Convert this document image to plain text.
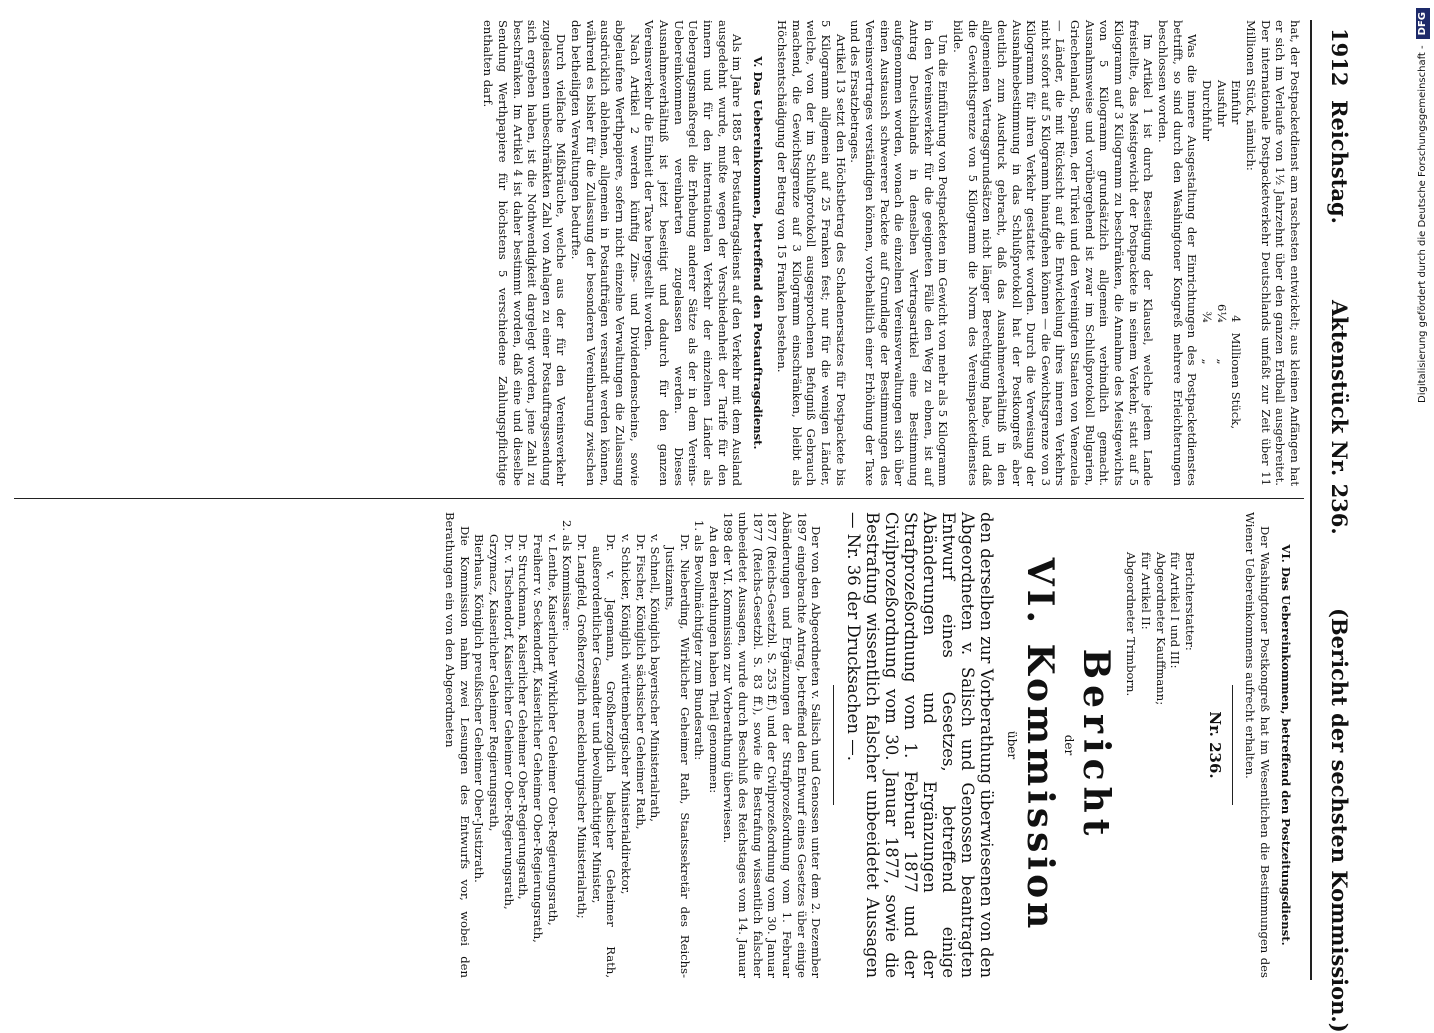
1912
Reichstag.
Aktenstück Nr. 236.
(Bericht der sechsten Kommission.)

hat, der Postpacketdienst am raschesten entwickelt; aus kleinen Anfängen hat er sich im Verlaufe von 1½ Jahrzehnt über den ganzen Erdball ausgebreitet. Der internationale Postpacketverkehr Deutschlands umfaßt zur Zeit über 11 Millionen Stück, nämlich:

Einfuhr	4	Millionen Stück,
Ausfuhr	6¼	„
Durchfuhr	¾	„

Was die innere Ausgestaltung der Einrichtungen des Postpacketdienstes betrifft, so sind durch den Washingtoner Kongreß mehrere Erleichterungen beschlossen worden.

Im Artikel 1 ist durch Beseitigung der Klausel, welche jedem Lande freistellte, das Meistgewicht der Postpackete in seinem Verkehr, statt auf 5 Kilogramm auf 3 Kilogramm zu beschränken, die Annahme des Meistgewichts von 5 Kilogramm grundsätzlich allgemein verbindlich gemacht. Ausnahmsweise und vorübergehend ist zwar im Schlußprotokoll Bulgarien, Griechenland, Spanien, der Türkei und den Vereinigten Staaten von Venezuela — Länder, die mit Rücksicht auf die Entwickelung ihres inneren Verkehrs nicht sofort auf 5 Kilogramm hinaufgehen können — die Gewichtsgrenze von 3 Kilogramm für ihren Verkehr gestattet worden. Durch die Verweisung der Ausnahmebestimmung in das Schlußprotokoll hat der Postkongreß aber deutlich zum Ausdruck gebracht, daß das Ausnahmeverhältniß in den allgemeinen Vertragsgrundsätzen nicht länger Berechtigung habe, und daß die Gewichtsgrenze von 5 Kilogramm die Norm des Vereinspacketdienstes bilde.

Um die Einführung von Postpacketen im Gewicht von mehr als 5 Kilogramm in den Vereinsverkehr für die geeigneten Fälle den Weg zu ebnen, ist auf Antrag Deutschlands in denselben Vertragsartikel eine Bestimmung aufgenommen worden, wonach die einzelnen Vereinsverwaltungen sich über einen Austausch schwererer Packete auf Grundlage der Bestimmungen des Vereinsvertrages verständigen können, vorbehaltlich einer Erhöhung der Taxe und des Ersatzbetrages.

Artikel 13 setzt den Höchstbetrag des Schadenersatzes für Postpackete bis 5 Kilogramm allgemein auf 25 Franken fest; nur für die wenigen Länder, welche, von der im Schlußprotokoll ausgesprochenen Befugniß Gebrauch machend, die Gewichtsgrenze auf 3 Kilogramm einschränken, bleibt als Höchstentschädigung der Betrag von 15 Franken bestehen.

V. Das Uebereinkommen, betreffend den Postauftragsdienst.

Als im Jahre 1885 der Postauftragsdienst auf den Verkehr mit dem Ausland ausgedehnt wurde, mußte wegen der Verschiedenheit der Tarife für den innern und für den internationalen Verkehr der einzelnen Länder als Uebergangsmaßregel die Erhebung anderer Sätze als der in dem Vereins-Uebereinkommen vereinbarten zugelassen werden. Dieses Ausnahmeverhältniß ist jetzt beseitigt und dadurch für den ganzen Vereinsverkehr die Einheit der Taxe hergestellt worden.

Nach Artikel 2 werden künftig Zins- und Dividendenscheine, sowie abgelaufene Werthpapiere, sofern nicht einzelne Verwaltungen die Zulassung ausdrücklich ablehnen, allgemein in Postaufträgen versandt werden können, während es bisher für die Zulassung der besonderen Vereinbarung zwischen den betheiligten Verwaltungen bedurfte.

Durch vielfache Mißbräuche, welche aus der für den Vereinsverkehr zugelassenen unbeschränkten Zahl von Anlagen zu einer Postauftragssendung sich ergeben haben, ist die Nothwendigkeit dargelegt worden, jene Zahl zu beschränken. Im Artikel 4 ist daher bestimmt worden, daß eine und dieselbe Sendung Werthpapiere für höchstens 5 verschiedene Zahlungspflichtige enthalten darf.

VI. Das Uebereinkommen, betreffend den Postzeitungsdienst.

Der Washingtoner Postkongreß hat im Wesentlichen die Bestimmungen des Wiener Uebereinkommens aufrecht erhalten.

Nr. 236.

Berichterstatter:

für Artikel I und III:

Abgeordneter Kauffmann;

für Artikel II:

Abgeordneter Trimborn.

Bericht
der
VI. Kommission
über

den derselben zur Vorberathung überwiesenen von den Abgeordneten v. Salisch und Genossen beantragten Entwurf eines Gesetzes, betreffend einige Abänderungen und Ergänzungen der Strafprozeßordnung vom 1. Februar 1877 und der Civilprozeßordnung vom 30. Januar 1877, sowie die Bestrafung wissentlich falscher unbeeidetet Aussagen — Nr. 36 der Drucksachen —.

Der von den Abgeordneten v. Salisch und Genossen unter dem 2. Dezember 1897 eingebrachte Antrag, betreffend den Entwurf eines Gesetzes über einige Abänderungen und Ergänzungen der Strafprozeßordnung vom 1. Februar 1877 (Reichs-Gesetzbl. S. 253 ff.) und der Civilprozeßordnung vom 30. Januar 1877 (Reichs-Gesetzbl. S. 83 ff.), sowie die Bestrafung wissentlich falscher unbeeidetet Aussagen, wurde durch Beschluß des Reichstages vom 14. Januar 1898 der VI. Kommission zur Vorberathung überwiesen.

An den Berathungen haben Theil genommen:

1. als Bevollmächtigter zum Bundesrath:

Dr. Nieberding, Wirklicher Geheimer Rath, Staatssekretär des Reichs-Justizamts,
v. Schnell, Königlich bayerischer Ministerialrath,
Dr. Fischer, Königlich sächsischer Geheimer Rath,
v. Schicker, Königlich württembergischer Ministerialdirektor,
Dr. v. Jagemann, Großherzoglich badischer Geheimer Rath, außerordentlicher Gesandter und bevollmächtigter Minister,
Dr. Langfeld, Großherzoglich mecklenburgischer Ministerialrath;

2. als Kommissare:

v. Lenthe, Kaiserlicher Wirklicher Geheimer Ober-Regierungsrath,
Freiherr v. Seckendorff, Kaiserlicher Geheimer Ober-Regierungsrath,
Dr. Struckmann, Kaiserlicher Geheimer Ober-Regierungsrath,
Dr. v. Tischendorf, Kaiserlicher Geheimer Ober-Regierungsrath,
Grzymacz, Kaiserlicher Geheimer Regierungsrath,
Bierhaus, Königlich preußischer Geheimer Ober-Justizrath.

Die Kommission nahm zwei Lesungen des Entwurfs vor, wobei den Berathungen ein von den Abgeordneten

Digitalisierung gefördert durch die Deutsche Forschungsgemeinschaft -DFG
